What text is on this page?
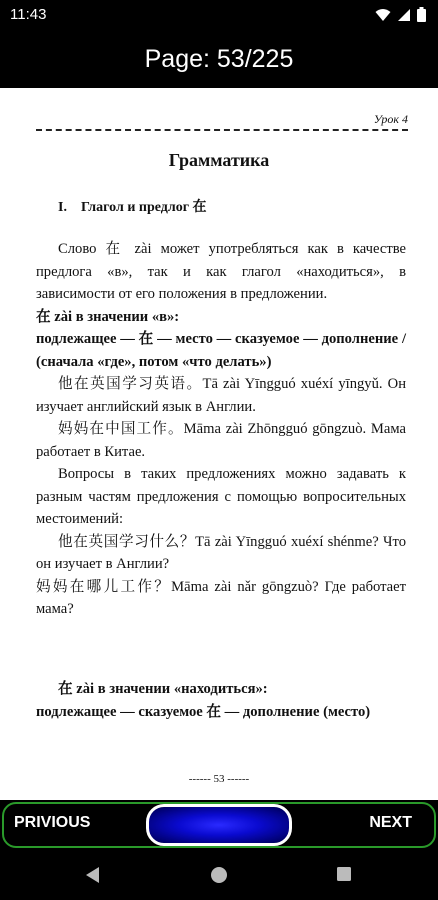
11:43
Page: 53/225
Урок 4
Грамматика
I. Глагол и предлог 在

Слово 在 zài может употребляться как в качестве предлога «в», так и как глагол «находиться», в зависимости от его положения в предложении.

在 zài в значении «в»:

подлежащее — 在 — место — сказуемое — дополнение / (сначала «где», потом «что делать»)

他在英国学习英语。Tā zài Yīngguó xuéxí yīngyǔ. Он изучает английский язык в Англии.

妈妈在中国工作。Māma zài Zhōngguó gōngzuò. Мама работает в Китае.

Вопросы в таких предложениях можно задавать к разным частям предложения с помощью вопросительных местоимений:

他在英国学习什么？Tā zài Yīngguó xuéxí shénme? Что он изучает в Англии?

妈妈在哪儿工作？Māma zài nǎr gōngzuò? Где работает мама?

在 zài в значении «находиться»:

подлежащее — сказуемое 在 — дополнение (место)

------ 53 ------
PRIVIOUS	NEXT
